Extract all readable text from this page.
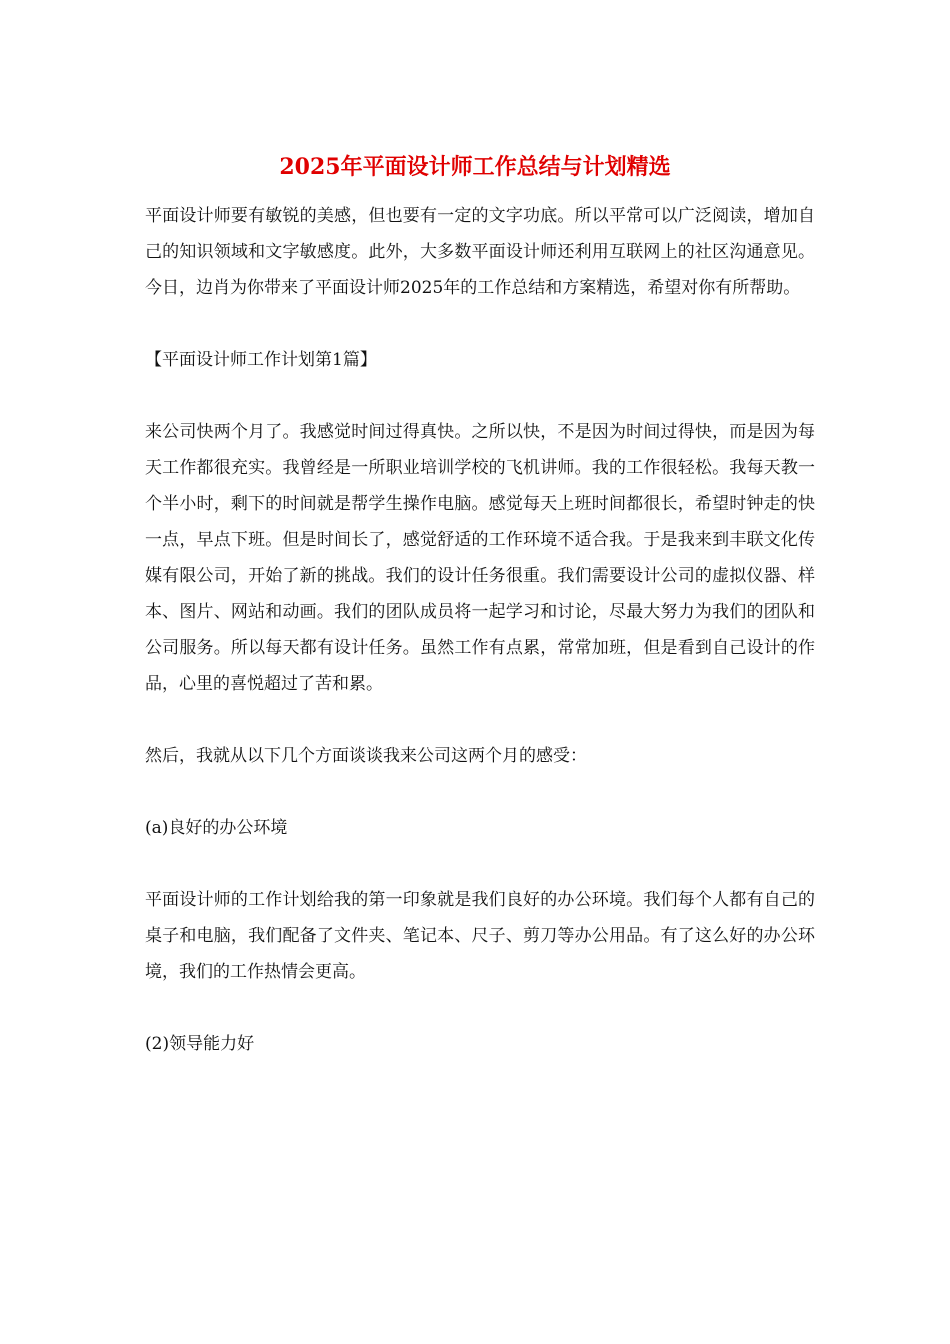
2025年平面设计师工作总结与计划精选

平面设计师要有敏锐的美感，但也要有一定的文字功底。所以平常可以广泛阅读，增加自己的知识领域和文字敏感度。此外，大多数平面设计师还利用互联网上的社区沟通意见。今日，边肖为你带来了平面设计师2025年的工作总结和方案精选，希望对你有所帮助。

【平面设计师工作计划第1篇】

来公司快两个月了。我感觉时间过得真快。之所以快，不是因为时间过得快，而是因为每天工作都很充实。我曾经是一所职业培训学校的飞机讲师。我的工作很轻松。我每天教一个半小时，剩下的时间就是帮学生操作电脑。感觉每天上班时间都很长，希望时钟走的快一点，早点下班。但是时间长了，感觉舒适的工作环境不适合我。于是我来到丰联文化传媒有限公司，开始了新的挑战。我们的设计任务很重。我们需要设计公司的虚拟仪器、样本、图片、网站和动画。我们的团队成员将一起学习和讨论，尽最大努力为我们的团队和公司服务。所以每天都有设计任务。虽然工作有点累，常常加班，但是看到自己设计的作品，心里的喜悦超过了苦和累。

然后，我就从以下几个方面谈谈我来公司这两个月的感受：

(a)良好的办公环境

平面设计师的工作计划给我的第一印象就是我们良好的办公环境。我们每个人都有自己的桌子和电脑，我们配备了文件夹、笔记本、尺子、剪刀等办公用品。有了这么好的办公环境，我们的工作热情会更高。

(2)领导能力好
